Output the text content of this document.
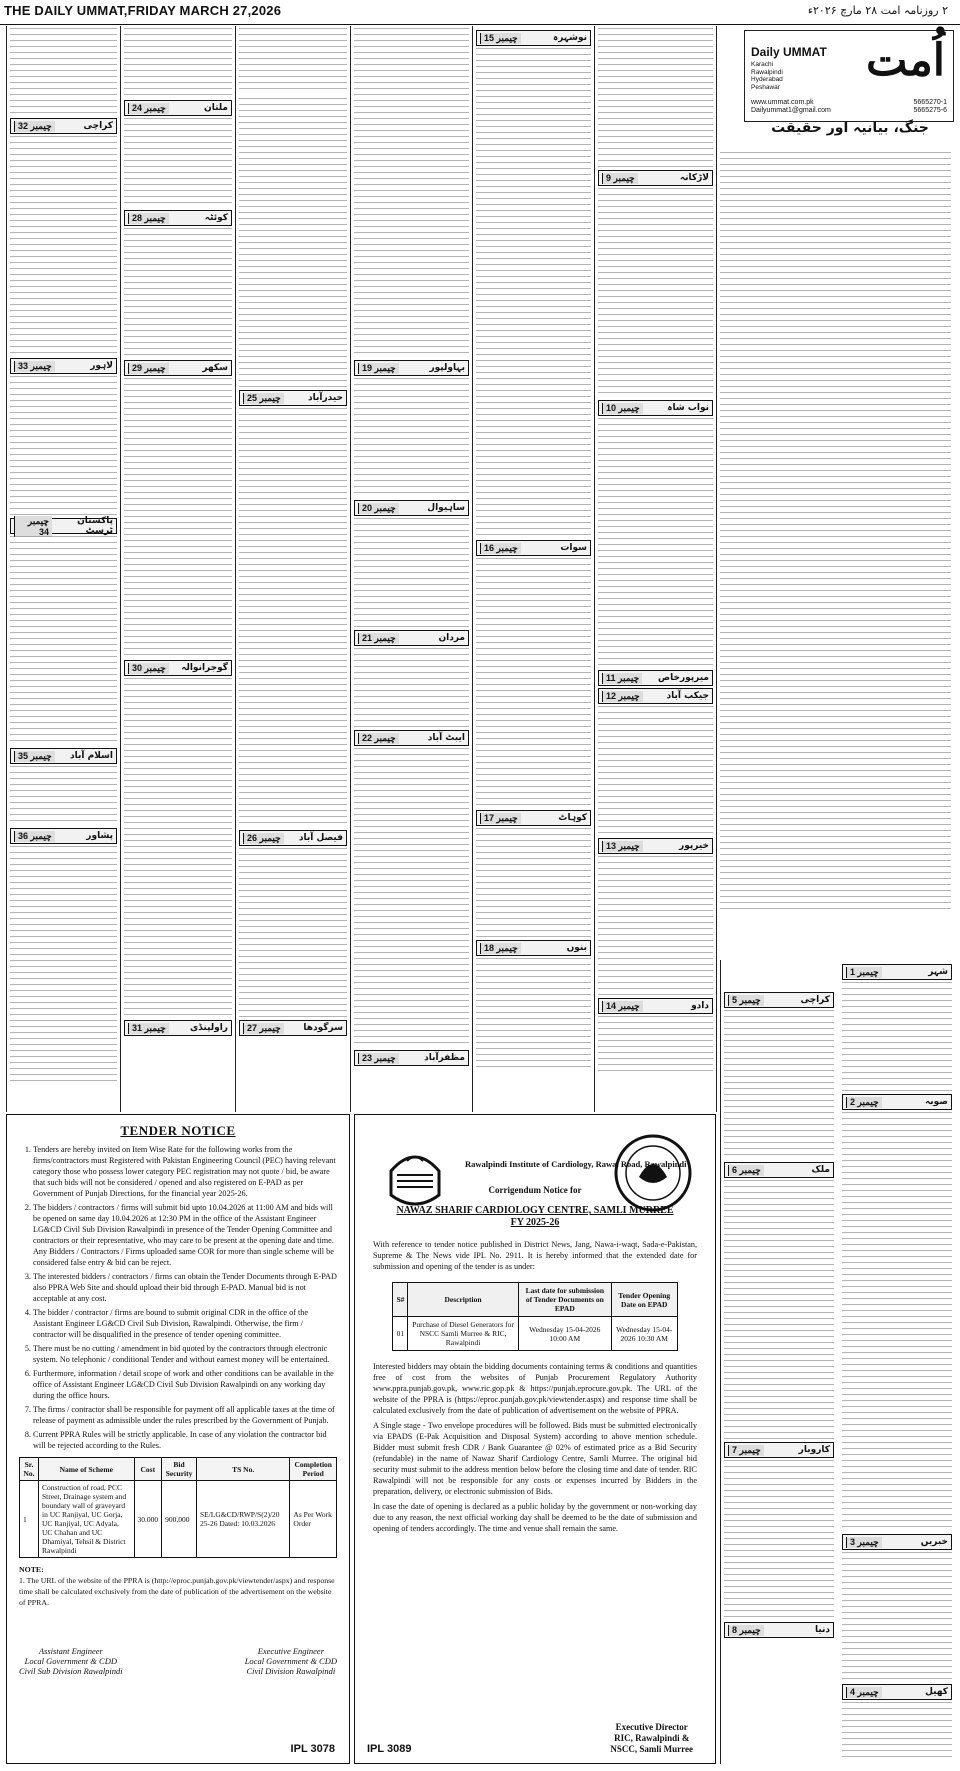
THE DAILY UMMAT,FRIDAY MARCH 27,2026	۲ روزنامہ امت ۲۸ مارچ ۲۰۲۶ء
کراچی
چیمبر 32
لاہور
چیمبر 33
پاکستان ٹرسٹ
چیمبر 34
اسلام آباد
چیمبر 35
پشاور
چیمبر 36
ملتان
چیمبر 24
کوئٹہ
چیمبر 28
سکھر
چیمبر 29
گوجرانوالہ
چیمبر 30
راولپنڈی
چیمبر 31
حیدرآباد
چیمبر 25
فیصل آباد
چیمبر 26
سرگودھا
چیمبر 27
بہاولپور
چیمبر 19
ساہیوال
چیمبر 20
مردان
چیمبر 21
ایبٹ آباد
چیمبر 22
مظفرآباد
چیمبر 23
نوشہرہ
چیمبر 15
سوات
چیمبر 16
کوہاٹ
چیمبر 17
بنوں
چیمبر 18
لاڑکانہ
چیمبر 9
نواب شاہ
چیمبر 10
میرپورخاص
چیمبر 11
جیکب آباد
چیمبر 12
خیرپور
چیمبر 13
دادو
چیمبر 14
اُمت
Daily UMMAT
Karachi
Rawalpindi
Hyderabad
Peshawar
www.ummat.com.pk
Dailyummat1@gmail.com
5665270-1
5665275-6
جنگ، بیانیہ اور حقیقت
کراچی
چیمبر 5
ملک
چیمبر 6
کاروبار
چیمبر 7
دنیا
چیمبر 8
شہر
چیمبر 1
صوبہ
چیمبر 2
خبریں
چیمبر 3
کھیل
چیمبر 4
TENDER NOTICE
1. Tenders are hereby invited on Item Wise Rate for the following works from the firms/contractors must Registered with Pakistan Engineering Council (PEC) having relevant category those who possess lower category PEC registration may not quote / bid, be aware that such bids will not be considered / opened and also registered on E-PAD as per Government of Punjab Directions, for the financial year 2025-26.
2. The bidders / contractors / firms will submit bid upto 10.04.2026 at 11:00 AM and bids will be opened on same day 10.04.2026 at 12:30 PM in the office of the Assistant Engineer LG&CD Civil Sub Division Rawalpindi in presence of the Tender Opening Committee and contractors or their representative, who may care to be present at the opening date and time. Any Bidders / Contractors / Firms uploaded same COR for more than single scheme will be considered false entry & bid can be reject.
3. The interested bidders / contractors / firms can obtain the Tender Documents through E-PAD also PPRA Web Site and should upload their bid through E-PAD. Manual bid is not acceptable at any cost.
4. The bidder / contractor / firms are bound to submit original CDR in the office of the Assistant Engineer LG&CD Civil Sub Division, Rawalpindi. Otherwise, the firm / contractor will be disqualified in the presence of tender opening committee.
5. There must be no cutting / amendment in bid quoted by the contractors through electronic system. No telephonic / conditional Tender and without earnest money will be entertained.
6. Furthermore, information / detail scope of work and other conditions can be available in the office of Assistant Engineer LG&CD Civil Sub Division Rawalpindi on any working day during the office hours.
7. The firms / contractor shall be responsible for payment off all applicable taxes at the time of release of payment as admissible under the rules prescribed by the Government of Punjab.
8. Current PPRA Rules will be strictly applicable. In case of any violation the contractor bid will be rejected according to the Rules.
Sr. No.	Name of Scheme	Cost	Bid Security	TS No.	Completion Period
1	Construction of road, PCC Street, Drainage system and boundary wall of graveyard in UC Ranjiyal, UC Gorja, UC Ranjiyal, UC Adyala, UC Chahan and UC Dhamiyal, Tehsil & District Rawalpindi	30.000	900,000	SE/LG&CD/RWP/S(2)/20 25-26 Dated: 10.03.2026	As Per Work Order
NOTE:
1. The URL of the website of the PPRA is (http://eproc.punjab.gov.pk/viewtender/aspx) and response time shall be calculated exclusively from the date of publication of the advertisement on the website of PPRA.
Assistant Engineer
Local Government & CDD
Civil Sub Division Rawalpindi
Executive Engineer
Local Government & CDD
Civil Division Rawalpindi
IPL 3078
Rawalpindi Institute of Cardiology, Rawal Road, Rawalpindi
Corrigendum Notice for
NAWAZ SHARIF CARDIOLOGY CENTRE, SAMLI MURREE
FY 2025-26

With reference to tender notice published in District News, Jang, Nawa-i-waqt, Sada-e-Pakistan, Supreme & The News vide IPL No. 2911. It is hereby informed that the extended date for submission and opening of the tender is as under:

S#	Description	Last date for submission of Tender Documents on EPAD	Tender Opening Date on EPAD
01	Purchase of Diesel Generators for NSCC Samli Murree & RIC, Rawalpindi	Wednesday 15-04-2026 10:00 AM	Wednesday 15-04-2026 10:30 AM

Interested bidders may obtain the bidding documents containing terms & conditions and quantities free of cost from the websites of Punjab Procurement Regulatory Authority www.ppra.punjab.gov.pk, www.ric.gop.pk & https://punjab.eprocure.gov.pk. The URL of the website of the PPRA is (https://eproc.punjab.gov.pk/viewtender.aspx) and response time shall be calculated exclusively from the date of publication of advertisement on the website of PPRA.

A Single stage - Two envelope procedures will be followed. Bids must be submitted electronically via EPADS (E-Pak Acquisition and Disposal System) according to above mention schedule. Bidder must submit fresh CDR / Bank Guarantee @ 02% of estimated price as a Bid Security (refundable) in the name of Nawaz Sharif Cardiology Centre, Samli Murree. The original bid security must submit to the address mention below before the closing time and date of tender. RIC Rawalpindi will not be responsible for any costs or expenses incurred by Bidders in the preparation, delivery, or electronic submission of Bids.

In case the date of opening is declared as a public holiday by the government or non-working day due to any reason, the next official working day shall be deemed to be the date of submission and opening of tenders accordingly. The time and venue shall remain the same.

IPL 3089
Executive Director
RIC, Rawalpindi &
NSCC, Samli Murree
